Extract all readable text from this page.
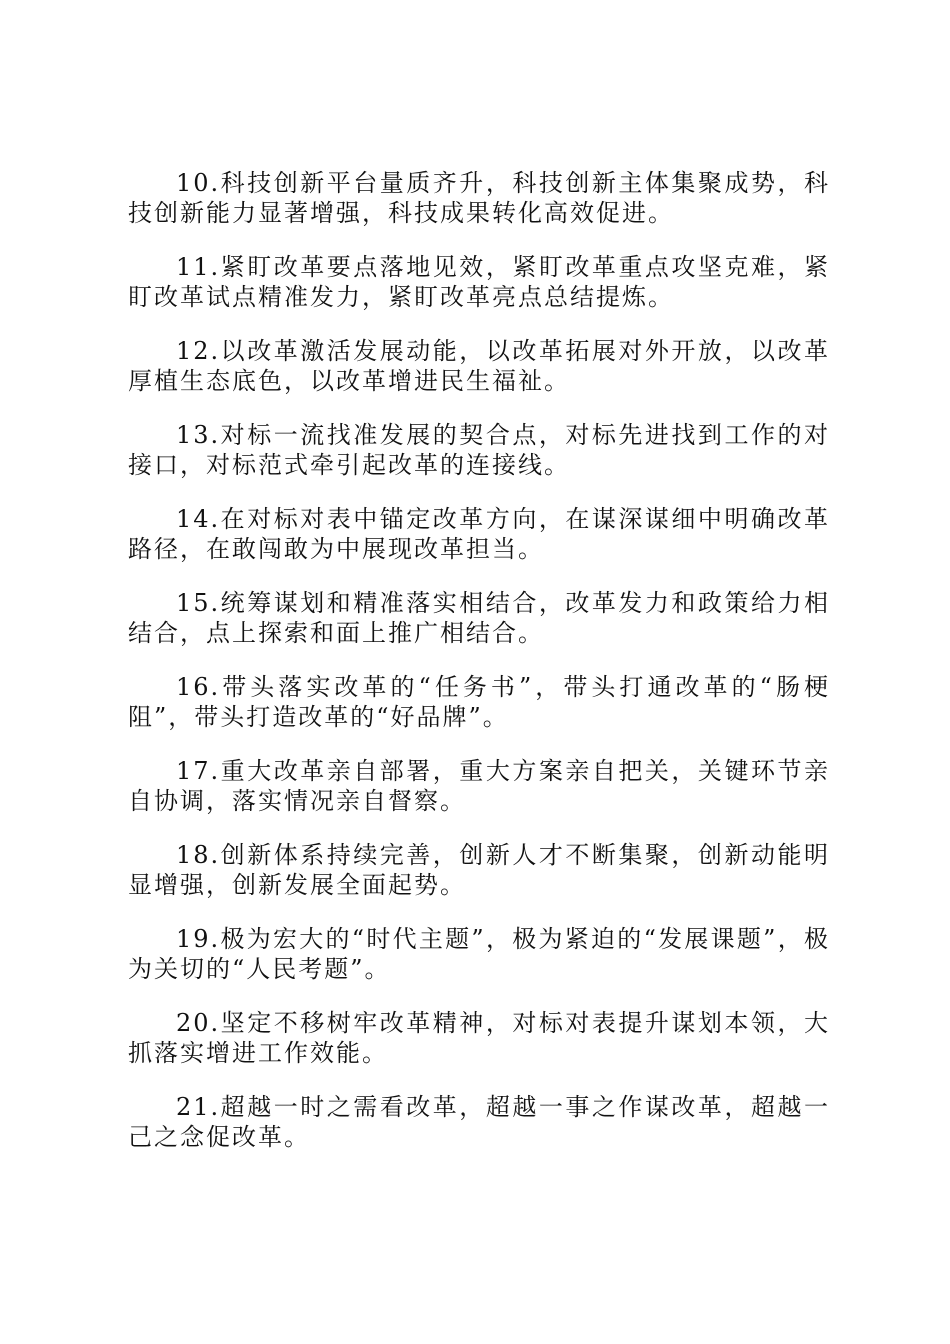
10.科技创新平台量质齐升，科技创新主体集聚成势，科技创新能力显著增强，科技成果转化高效促进。

11.紧盯改革要点落地见效，紧盯改革重点攻坚克难，紧盯改革试点精准发力，紧盯改革亮点总结提炼。

12.以改革激活发展动能，以改革拓展对外开放，以改革厚植生态底色，以改革增进民生福祉。

13.对标一流找准发展的契合点，对标先进找到工作的对接口，对标范式牵引起改革的连接线。

14.在对标对表中锚定改革方向，在谋深谋细中明确改革路径，在敢闯敢为中展现改革担当。

15.统筹谋划和精准落实相结合，改革发力和政策给力相结合，点上探索和面上推广相结合。

16.带头落实改革的“任务书”，带头打通改革的“肠梗阻”，带头打造改革的“好品牌”。

17.重大改革亲自部署，重大方案亲自把关，关键环节亲自协调，落实情况亲自督察。

18.创新体系持续完善，创新人才不断集聚，创新动能明显增强，创新发展全面起势。

19.极为宏大的“时代主题”，极为紧迫的“发展课题”，极为关切的“人民考题”。

20.坚定不移树牢改革精神，对标对表提升谋划本领，大抓落实增进工作效能。

21.超越一时之需看改革，超越一事之作谋改革，超越一己之念促改革。
